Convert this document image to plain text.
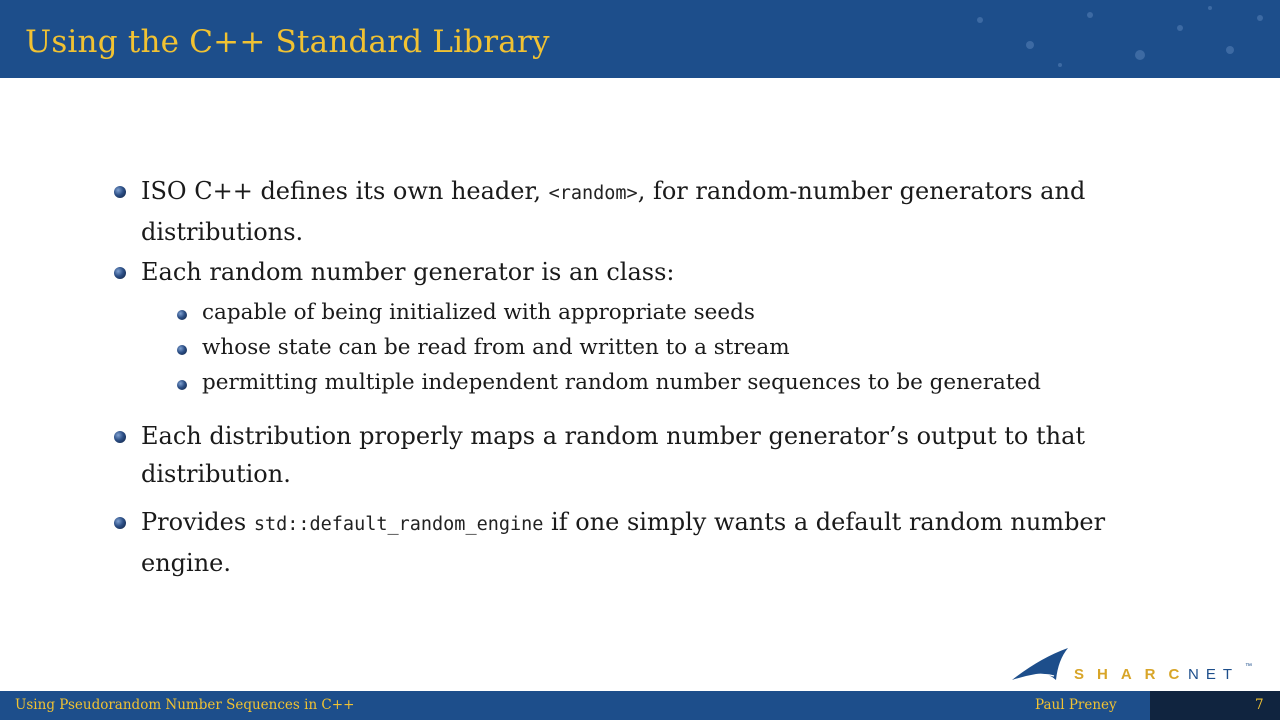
Using the C++ Standard Library
ISO C++ defines its own header, <random>, for random-number generators and distributions.
Each random number generator is an class:
capable of being initialized with appropriate seeds
whose state can be read from and written to a stream
permitting multiple independent random number sequences to be generated
Each distribution properly maps a random number generator’s output to that distribution.
Provides std::default_random_engine if one simply wants a default random number engine.
SHARC
NET ™
Using Pseudorandom Number Sequences in C++	Paul Preney	7
